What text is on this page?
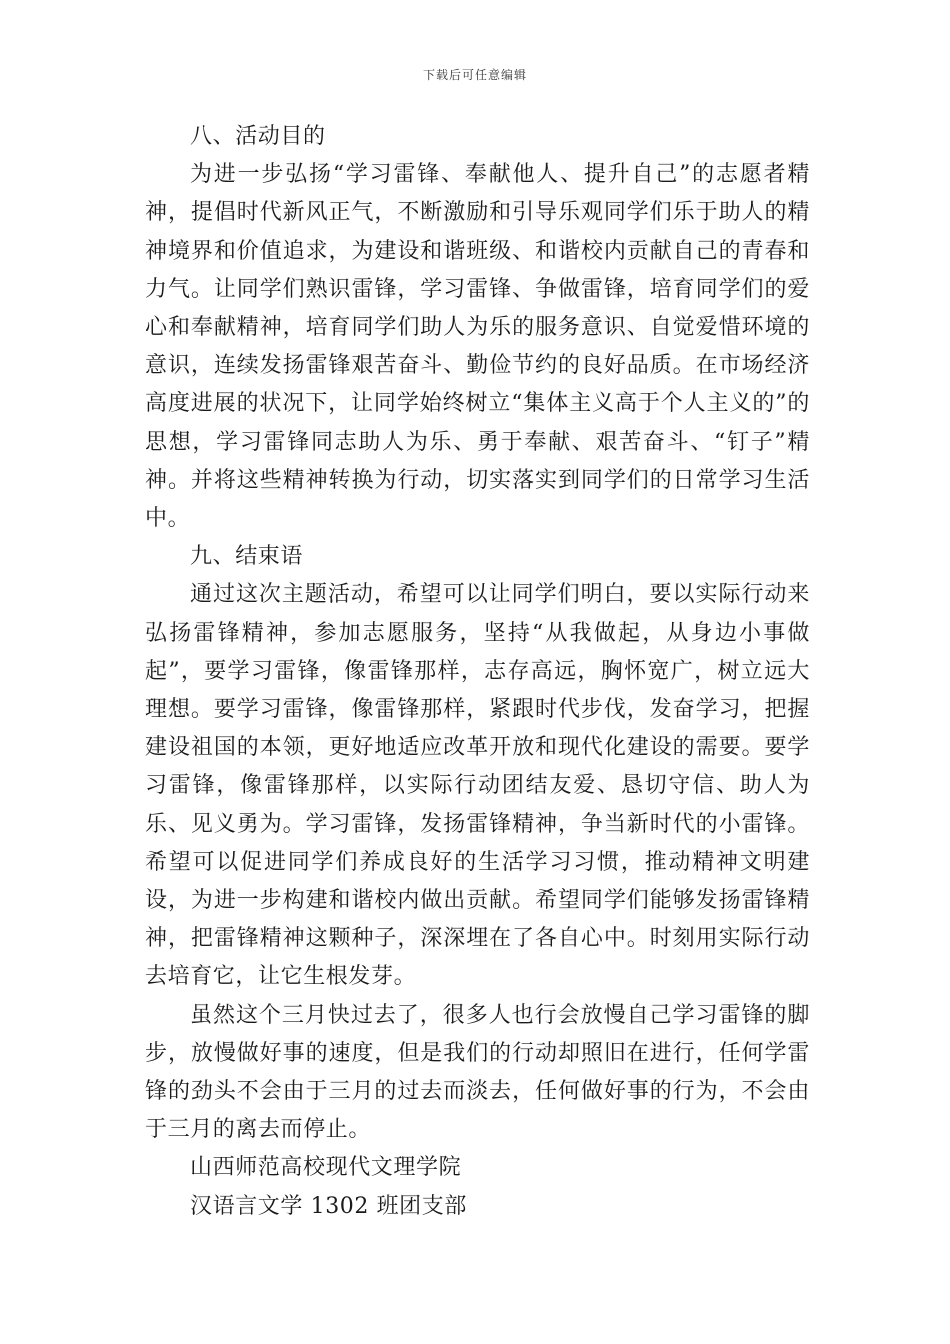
下载后可任意编辑

八、活动目的

为进一步弘扬“学习雷锋、奉献他人、提升自己”的志愿者精神，提倡时代新风正气，不断激励和引导乐观同学们乐于助人的精神境界和价值追求，为建设和谐班级、和谐校内贡献自己的青春和力气。让同学们熟识雷锋，学习雷锋、争做雷锋，培育同学们的爱心和奉献精神，培育同学们助人为乐的服务意识、自觉爱惜环境的意识，连续发扬雷锋艰苦奋斗、勤俭节约的良好品质。在市场经济高度进展的状况下，让同学始终树立“集体主义高于个人主义的”的思想，学习雷锋同志助人为乐、勇于奉献、艰苦奋斗、“钉子”精神。并将这些精神转换为行动，切实落实到同学们的日常学习生活中。

九、结束语

通过这次主题活动，希望可以让同学们明白，要以实际行动来弘扬雷锋精神，参加志愿服务，坚持“从我做起，从身边小事做起”，要学习雷锋，像雷锋那样，志存高远，胸怀宽广，树立远大理想。要学习雷锋，像雷锋那样，紧跟时代步伐，发奋学习，把握建设祖国的本领，更好地适应改革开放和现代化建设的需要。要学习雷锋，像雷锋那样，以实际行动团结友爱、恳切守信、助人为乐、见义勇为。学习雷锋，发扬雷锋精神，争当新时代的小雷锋。希望可以促进同学们养成良好的生活学习习惯，推动精神文明建设，为进一步构建和谐校内做出贡献。希望同学们能够发扬雷锋精神，把雷锋精神这颗种子，深深埋在了各自心中。时刻用实际行动去培育它，让它生根发芽。

虽然这个三月快过去了，很多人也行会放慢自己学习雷锋的脚步，放慢做好事的速度，但是我们的行动却照旧在进行，任何学雷锋的劲头不会由于三月的过去而淡去，任何做好事的行为，不会由于三月的离去而停止。

山西师范高校现代文理学院

汉语言文学 1302 班团支部
